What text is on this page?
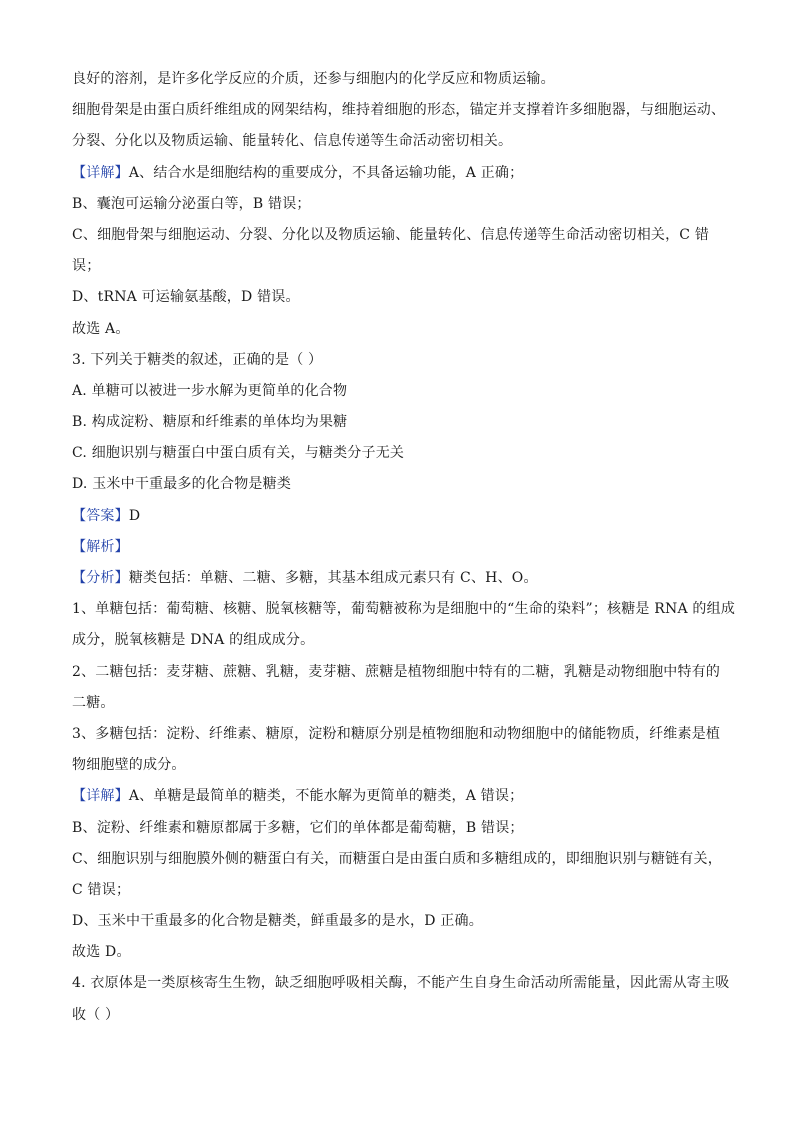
良好的溶剂，是许多化学反应的介质，还参与细胞内的化学反应和物质运输。
细胞骨架是由蛋白质纤维组成的网架结构，维持着细胞的形态，锚定并支撑着许多细胞器，与细胞运动、
分裂、分化以及物质运输、能量转化、信息传递等生命活动密切相关。
【详解】A、结合水是细胞结构的重要成分，不具备运输功能，A 正确；
B、囊泡可运输分泌蛋白等，B 错误；
C、细胞骨架与细胞运动、分裂、分化以及物质运输、能量转化、信息传递等生命活动密切相关，C 错
误；
D、tRNA 可运输氨基酸，D 错误。
故选 A。
3. 下列关于糖类的叙述，正确的是（ ）
A. 单糖可以被进一步水解为更简单的化合物
B. 构成淀粉、糖原和纤维素的单体均为果糖
C. 细胞识别与糖蛋白中蛋白质有关，与糖类分子无关
D. 玉米中干重最多的化合物是糖类
【答案】D
【解析】
【分析】糖类包括：单糖、二糖、多糖，其基本组成元素只有 C、H、O。
1、单糖包括：葡萄糖、核糖、脱氧核糖等，葡萄糖被称为是细胞中的“生命的染料”；核糖是 RNA 的组成
成分，脱氧核糖是 DNA 的组成成分。
2、二糖包括：麦芽糖、蔗糖、乳糖，麦芽糖、蔗糖是植物细胞中特有的二糖，乳糖是动物细胞中特有的
二糖。
3、多糖包括：淀粉、纤维素、糖原，淀粉和糖原分别是植物细胞和动物细胞中的储能物质，纤维素是植
物细胞壁的成分。
【详解】A、单糖是最简单的糖类，不能水解为更简单的糖类，A 错误；
B、淀粉、纤维素和糖原都属于多糖，它们的单体都是葡萄糖，B 错误；
C、细胞识别与细胞膜外侧的糖蛋白有关，而糖蛋白是由蛋白质和多糖组成的，即细胞识别与糖链有关，
C 错误；
D、玉米中干重最多的化合物是糖类，鲜重最多的是水，D 正确。
故选 D。
4. 衣原体是一类原核寄生生物，缺乏细胞呼吸相关酶，不能产生自身生命活动所需能量，因此需从寄主吸
收（ ）
